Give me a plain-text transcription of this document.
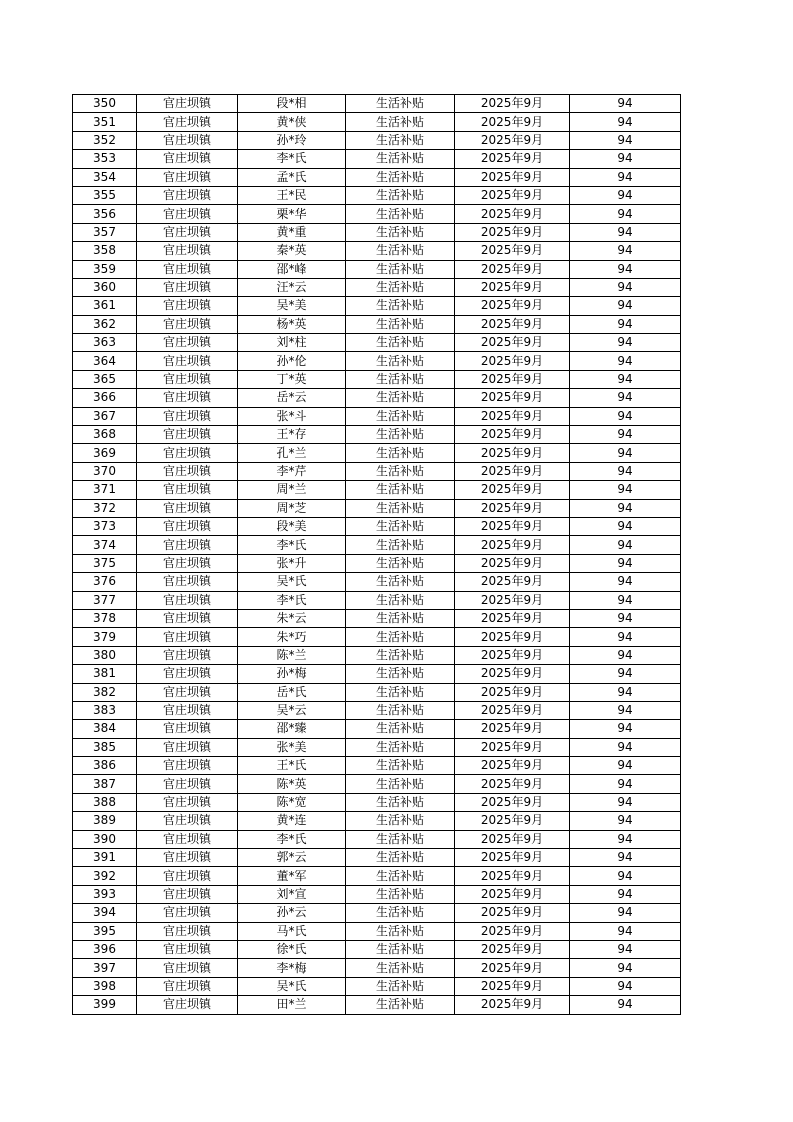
350	官庄坝镇	段*相	生活补贴	2025年9月	94
351	官庄坝镇	黄*侠	生活补贴	2025年9月	94
352	官庄坝镇	孙*玲	生活补贴	2025年9月	94
353	官庄坝镇	李*氏	生活补贴	2025年9月	94
354	官庄坝镇	孟*氏	生活补贴	2025年9月	94
355	官庄坝镇	王*民	生活补贴	2025年9月	94
356	官庄坝镇	栗*华	生活补贴	2025年9月	94
357	官庄坝镇	黄*重	生活补贴	2025年9月	94
358	官庄坝镇	秦*英	生活补贴	2025年9月	94
359	官庄坝镇	邵*峰	生活补贴	2025年9月	94
360	官庄坝镇	汪*云	生活补贴	2025年9月	94
361	官庄坝镇	吴*美	生活补贴	2025年9月	94
362	官庄坝镇	杨*英	生活补贴	2025年9月	94
363	官庄坝镇	刘*柱	生活补贴	2025年9月	94
364	官庄坝镇	孙*伦	生活补贴	2025年9月	94
365	官庄坝镇	丁*英	生活补贴	2025年9月	94
366	官庄坝镇	岳*云	生活补贴	2025年9月	94
367	官庄坝镇	张*斗	生活补贴	2025年9月	94
368	官庄坝镇	王*存	生活补贴	2025年9月	94
369	官庄坝镇	孔*兰	生活补贴	2025年9月	94
370	官庄坝镇	李*芹	生活补贴	2025年9月	94
371	官庄坝镇	周*兰	生活补贴	2025年9月	94
372	官庄坝镇	周*芝	生活补贴	2025年9月	94
373	官庄坝镇	段*美	生活补贴	2025年9月	94
374	官庄坝镇	李*氏	生活补贴	2025年9月	94
375	官庄坝镇	张*升	生活补贴	2025年9月	94
376	官庄坝镇	吴*氏	生活补贴	2025年9月	94
377	官庄坝镇	李*氏	生活补贴	2025年9月	94
378	官庄坝镇	朱*云	生活补贴	2025年9月	94
379	官庄坝镇	朱*巧	生活补贴	2025年9月	94
380	官庄坝镇	陈*兰	生活补贴	2025年9月	94
381	官庄坝镇	孙*梅	生活补贴	2025年9月	94
382	官庄坝镇	岳*氏	生活补贴	2025年9月	94
383	官庄坝镇	吴*云	生活补贴	2025年9月	94
384	官庄坝镇	邵*臻	生活补贴	2025年9月	94
385	官庄坝镇	张*美	生活补贴	2025年9月	94
386	官庄坝镇	王*氏	生活补贴	2025年9月	94
387	官庄坝镇	陈*英	生活补贴	2025年9月	94
388	官庄坝镇	陈*宽	生活补贴	2025年9月	94
389	官庄坝镇	黄*连	生活补贴	2025年9月	94
390	官庄坝镇	李*氏	生活补贴	2025年9月	94
391	官庄坝镇	郭*云	生活补贴	2025年9月	94
392	官庄坝镇	董*军	生活补贴	2025年9月	94
393	官庄坝镇	刘*宣	生活补贴	2025年9月	94
394	官庄坝镇	孙*云	生活补贴	2025年9月	94
395	官庄坝镇	马*氏	生活补贴	2025年9月	94
396	官庄坝镇	徐*氏	生活补贴	2025年9月	94
397	官庄坝镇	李*梅	生活补贴	2025年9月	94
398	官庄坝镇	吴*氏	生活补贴	2025年9月	94
399	官庄坝镇	田*兰	生活补贴	2025年9月	94
